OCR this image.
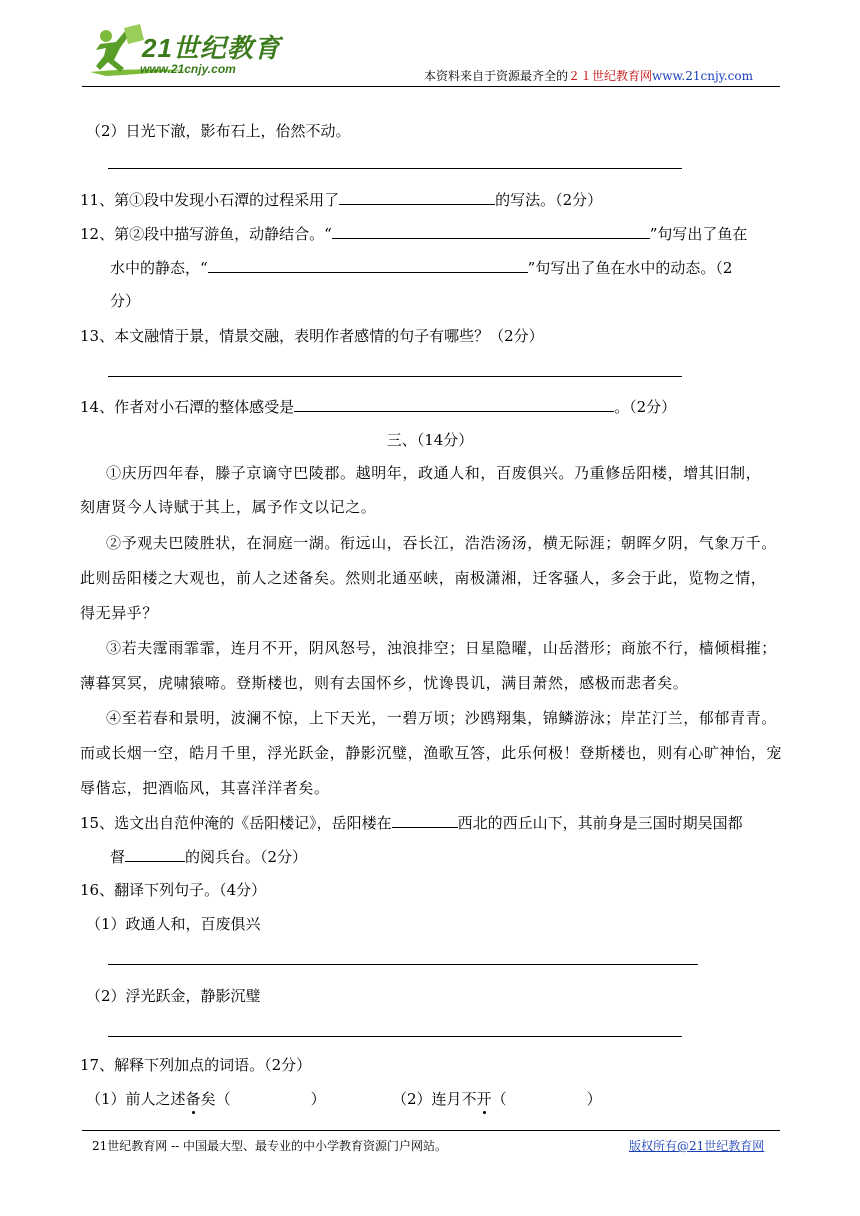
21世纪教育
www.21cnjy.com	本资料来自于资源最齐全的２１世纪教育网www.21cnjy.com
（2）日光下澈，影布石上，佁然不动。
11、第①段中发现小石潭的过程采用了	的写法。（2分）
12、第②段中描写游鱼，动静结合。“	”句写出了鱼在
水中的静态，“	”句写出了鱼在水中的动态。（2
分）
13、本文融情于景，情景交融，表明作者感情的句子有哪些？（2分）
14、作者对小石潭的整体感受是	。（2分）
三、（14分）
①庆历四年春，滕子京谪守巴陵郡。越明年，政通人和，百废俱兴。乃重修岳阳楼，增其旧制，
刻唐贤今人诗赋于其上，属予作文以记之。
②予观夫巴陵胜状，在洞庭一湖。衔远山，吞长江，浩浩汤汤，横无际涯；朝晖夕阴，气象万千。
此则岳阳楼之大观也，前人之述备矣。然则北通巫峡，南极潇湘，迁客骚人，多会于此，览物之情，
得无异乎？
③若夫霪雨霏霏，连月不开，阴风怒号，浊浪排空；日星隐曜，山岳潜形；商旅不行，樯倾楫摧；
薄暮冥冥，虎啸猿啼。登斯楼也，则有去国怀乡，忧谗畏讥，满目萧然，感极而悲者矣。
④至若春和景明，波澜不惊，上下天光，一碧万顷；沙鸥翔集，锦鳞游泳；岸芷汀兰，郁郁青青。
而或长烟一空，皓月千里，浮光跃金，静影沉璧，渔歌互答，此乐何极！登斯楼也，则有心旷神怡，宠
辱偕忘，把酒临风，其喜洋洋者矣。
15、选文出自范仲淹的《岳阳楼记》，岳阳楼在	西北的西丘山下，其前身是三国时期吴国都
督	的阅兵台。（2分）
16、翻译下列句子。（4分）
（1）政通人和，百废俱兴
（2）浮光跃金，静影沉璧
17、解释下列加点的词语。（2分）
（1）前人之述备矣（	）	（2）连月不开（	）
21世纪教育网 -- 中国最大型、最专业的中小学教育资源门户网站。	版权所有@21世纪教育网
